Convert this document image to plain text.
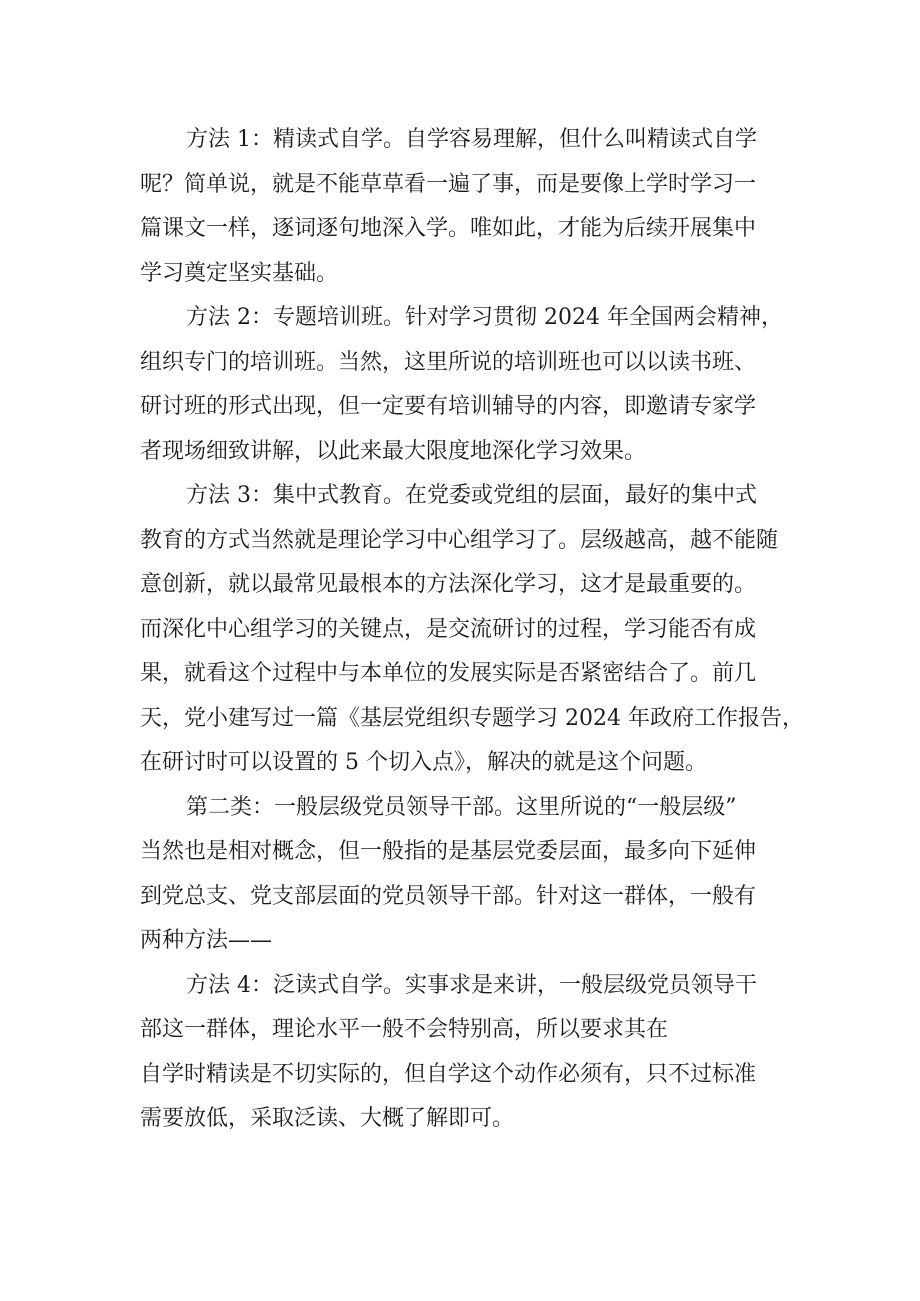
方法 1：精读式自学。自学容易理解，但什么叫精读式自学
呢？简单说，就是不能草草看一遍了事，而是要像上学时学习一
篇课文一样，逐词逐句地深入学。唯如此，才能为后续开展集中
学习奠定坚实基础。
方法 2：专题培训班。针对学习贯彻 2024 年全国两会精神，
组织专门的培训班。当然，这里所说的培训班也可以以读书班、
研讨班的形式出现，但一定要有培训辅导的内容，即邀请专家学
者现场细致讲解，以此来最大限度地深化学习效果。
方法 3：集中式教育。在党委或党组的层面，最好的集中式
教育的方式当然就是理论学习中心组学习了。层级越高，越不能随
意创新，就以最常见最根本的方法深化学习，这才是最重要的。
而深化中心组学习的关键点，是交流研讨的过程，学习能否有成
果，就看这个过程中与本单位的发展实际是否紧密结合了。前几
天，党小建写过一篇《基层党组织专题学习 2024 年政府工作报告，
在研讨时可以设置的 5 个切入点》，解决的就是这个问题。
第二类：一般层级党员领导干部。这里所说的“一般层级”
当然也是相对概念，但一般指的是基层党委层面，最多向下延伸
到党总支、党支部层面的党员领导干部。针对这一群体，一般有
两种方法——
方法 4：泛读式自学。实事求是来讲，一般层级党员领导干
部这一群体，理论水平一般不会特别高，所以要求其在
自学时精读是不切实际的，但自学这个动作必须有，只不过标准
需要放低，采取泛读、大概了解即可。
